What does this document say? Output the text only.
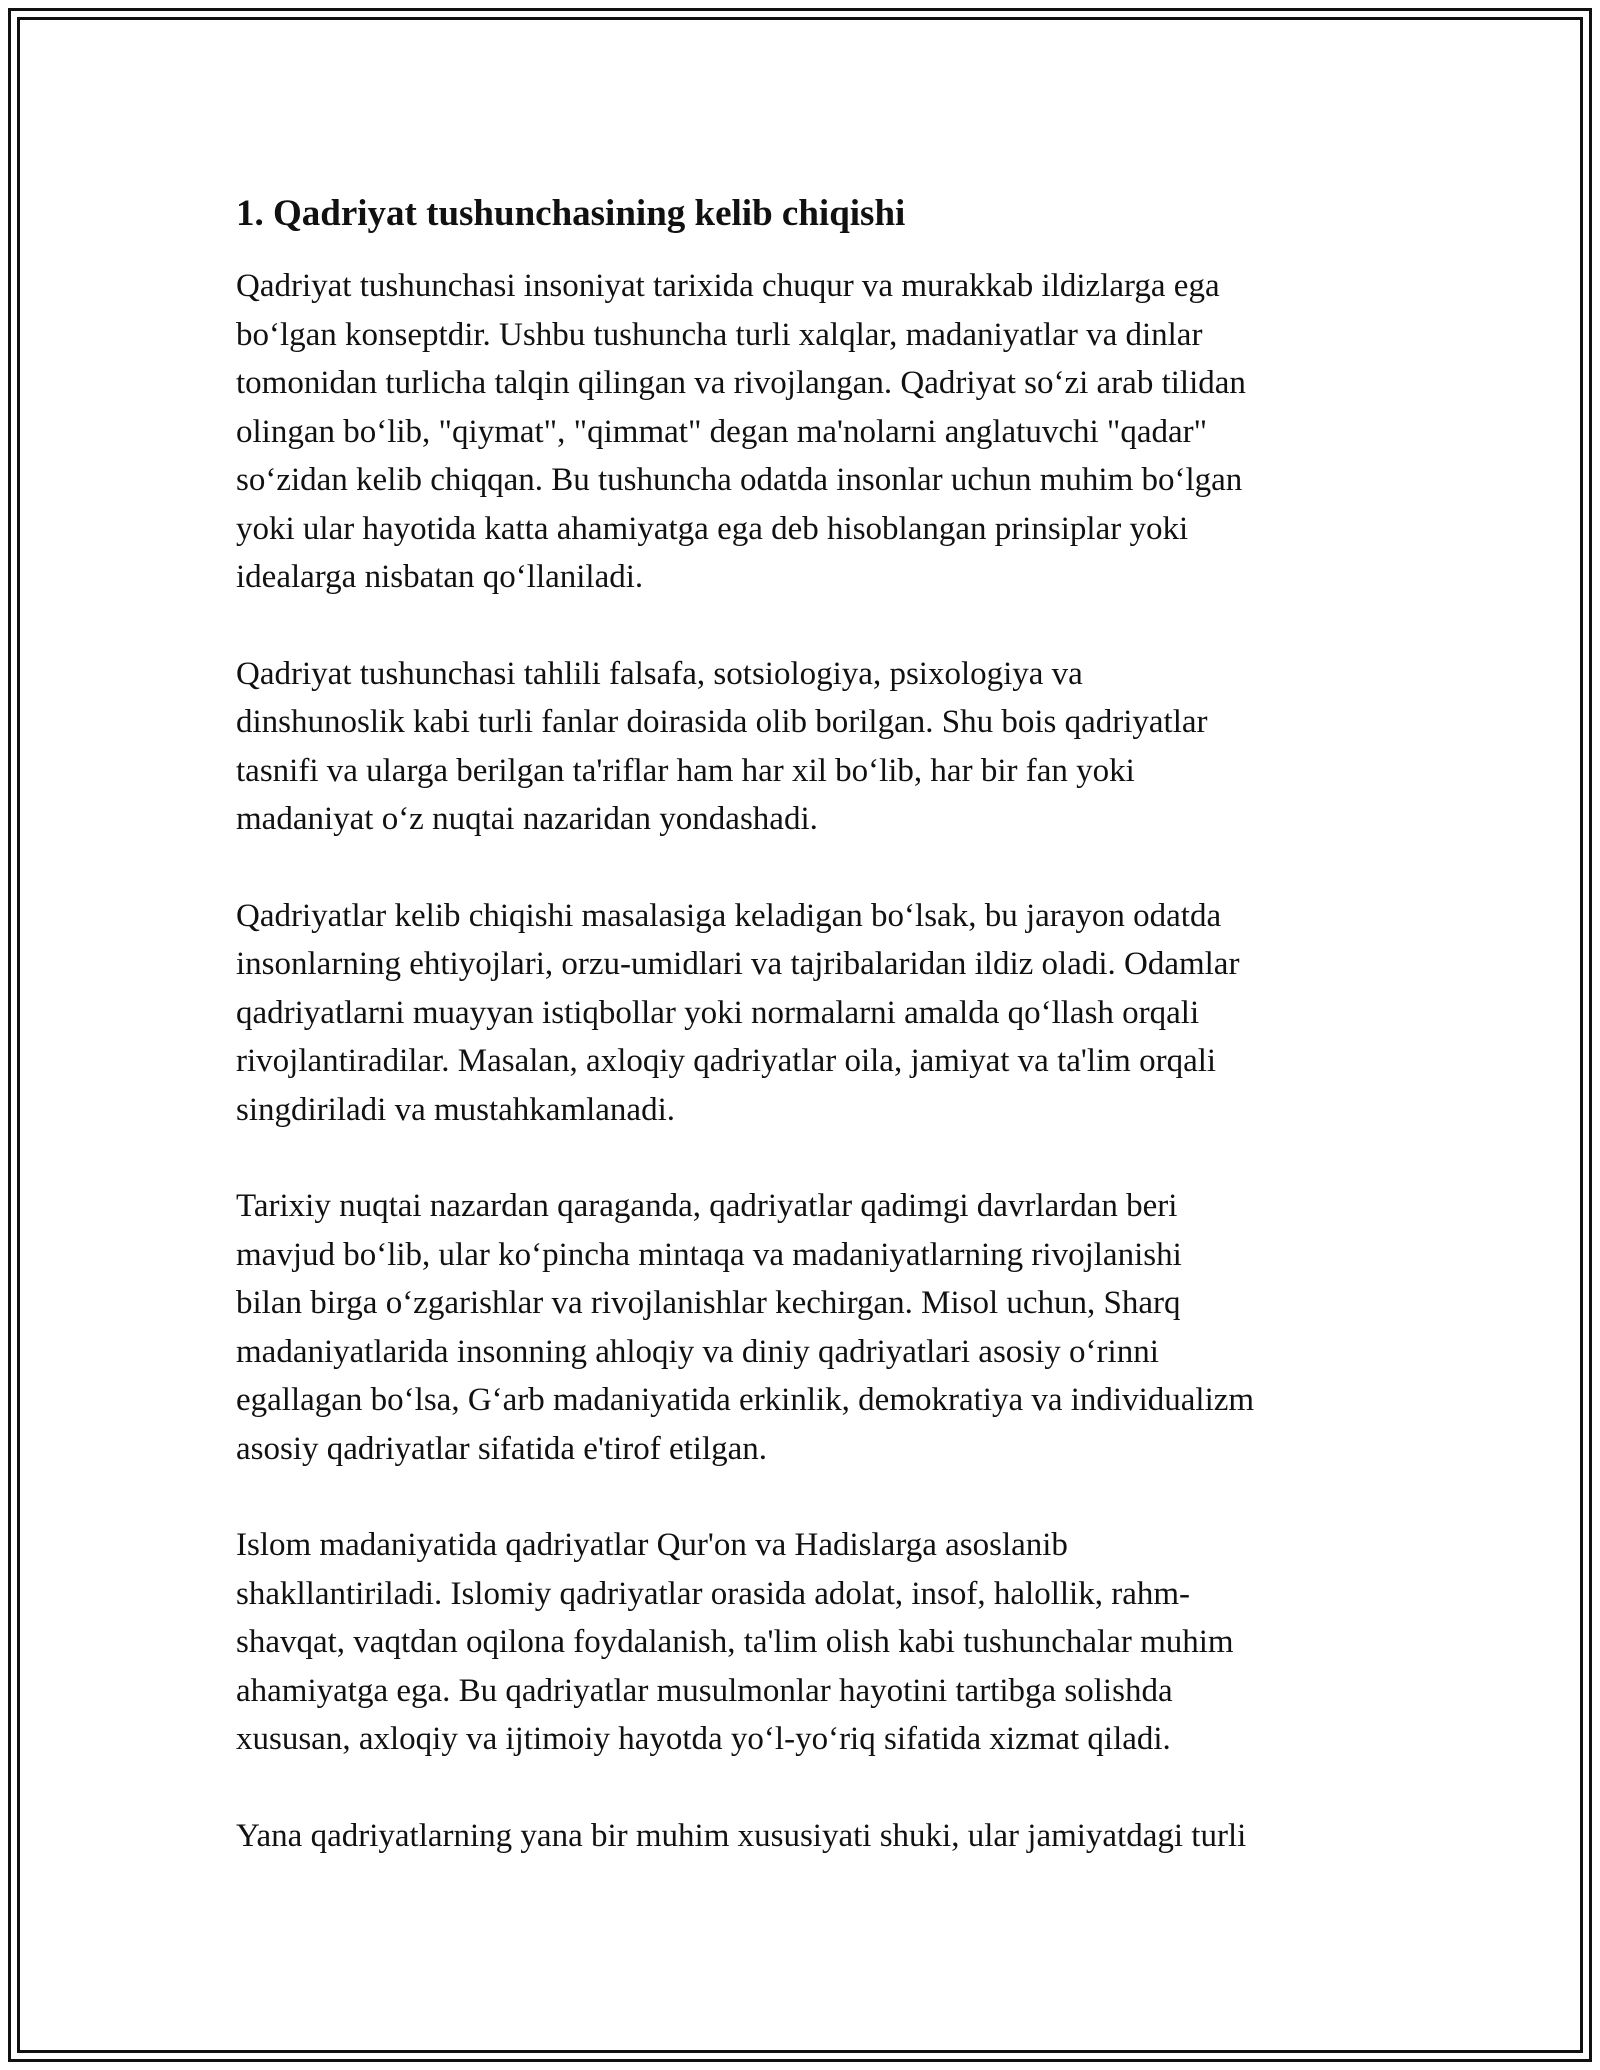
1. Qadriyat tushunchasining kelib chiqishi

Qadriyat tushunchasi insoniyat tarixida chuqur va murakkab ildizlarga ega
bo‘lgan konseptdir. Ushbu tushuncha turli xalqlar, madaniyatlar va dinlar
tomonidan turlicha talqin qilingan va rivojlangan. Qadriyat so‘zi arab tilidan
olingan bo‘lib, "qiymat", "qimmat" degan ma'nolarni anglatuvchi "qadar"
so‘zidan kelib chiqqan. Bu tushuncha odatda insonlar uchun muhim bo‘lgan
yoki ular hayotida katta ahamiyatga ega deb hisoblangan prinsiplar yoki
idealarga nisbatan qo‘llaniladi.

Qadriyat tushunchasi tahlili falsafa, sotsiologiya, psixologiya va
dinshunoslik kabi turli fanlar doirasida olib borilgan. Shu bois qadriyatlar
tasnifi va ularga berilgan ta'riflar ham har xil bo‘lib, har bir fan yoki
madaniyat o‘z nuqtai nazaridan yondashadi.

Qadriyatlar kelib chiqishi masalasiga keladigan bo‘lsak, bu jarayon odatda
insonlarning ehtiyojlari, orzu-umidlari va tajribalaridan ildiz oladi. Odamlar
qadriyatlarni muayyan istiqbollar yoki normalarni amalda qo‘llash orqali
rivojlantiradilar. Masalan, axloqiy qadriyatlar oila, jamiyat va ta'lim orqali
singdiriladi va mustahkamlanadi.

Tarixiy nuqtai nazardan qaraganda, qadriyatlar qadimgi davrlardan beri
mavjud bo‘lib, ular ko‘pincha mintaqa va madaniyatlarning rivojlanishi
bilan birga o‘zgarishlar va rivojlanishlar kechirgan. Misol uchun, Sharq
madaniyatlarida insonning ahloqiy va diniy qadriyatlari asosiy o‘rinni
egallagan bo‘lsa, G‘arb madaniyatida erkinlik, demokratiya va individualizm
asosiy qadriyatlar sifatida e'tirof etilgan.

Islom madaniyatida qadriyatlar Qur'on va Hadislarga asoslanib
shakllantiriladi. Islomiy qadriyatlar orasida adolat, insof, halollik, rahm-
shavqat, vaqtdan oqilona foydalanish, ta'lim olish kabi tushunchalar muhim
ahamiyatga ega. Bu qadriyatlar musulmonlar hayotini tartibga solishda
xususan, axloqiy va ijtimoiy hayotda yo‘l-yo‘riq sifatida xizmat qiladi.

Yana qadriyatlarning yana bir muhim xususiyati shuki, ular jamiyatdagi turli
